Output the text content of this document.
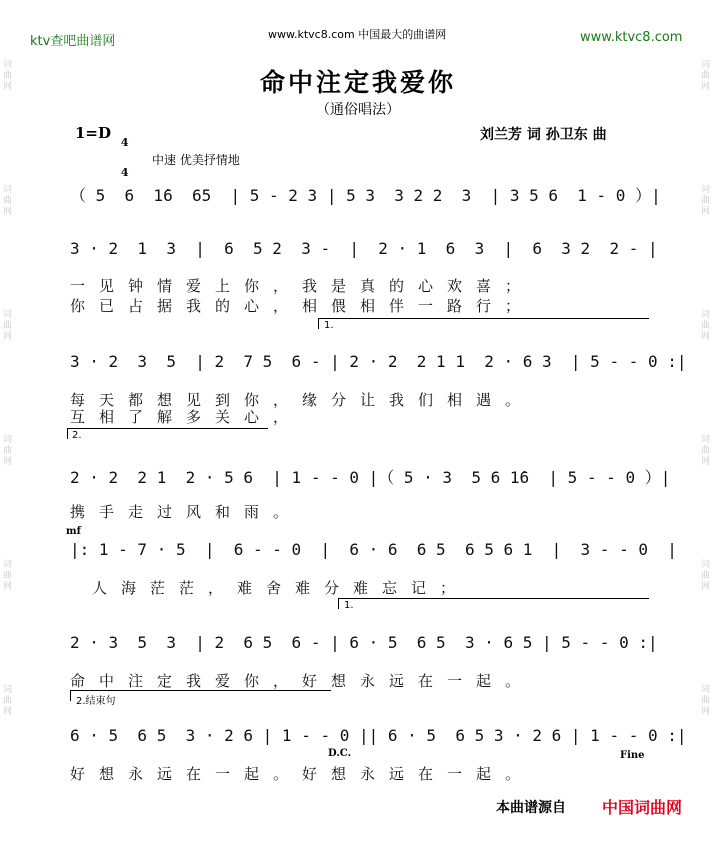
ktv查吧曲谱网	www.ktvc8.com 中国最大的曲谱网	www.ktvc8.com
词曲网
词曲网
词曲网
词曲网
词曲网
词曲网
词曲网
词曲网
词曲网
词曲网
词曲网
词曲网
命中注定我爱你
（通俗唱法）
1=D

4

4

刘兰芳 词 孙卫东 曲
中速 优美抒情地
（ 5  6  1̇6  65  | 5 - 2 3 | 5 3  3 2 2  3  | 3 5 6  1 - 0 ）|
3 · 2  1  3  |  6  5 2  3 -  |  2 · 1  6  3  |  6  3 2  2 - |
一见钟情爱上你，我是真的心欢喜；
你已占据我的心，相偎相伴一路行；
1.
3 · 2  3  5  | 2  7 5  6 - | 2 · 2  2 1 1  2 · 6 3  | 5 - - 0 :|
每天都想见到你，缘分让我们相遇。
互相了解多关心，
2.
2 · 2  2 1  2 · 5 6  | 1 - - 0 |（ 5 · 3  5 6 1̇6  | 5 - - 0 ）|
携手走过风和雨。
mf
|: 1 - 7 · 5  |  6 - - 0  |  6 · 6  6 5  6 5 6 1  |  3 - - 0  |
人海茫茫，难舍难分难忘记；
1.
2 · 3  5  3  | 2  6 5  6 - | 6 · 5  6 5  3 · 6 5 | 5 - - 0 :|
命中注定我爱你，好想永远在一起。
2.结束句
6 · 5  6 5  3 · 2 6 | 1 - - 0 || 6 · 5  6 5 3 · 2 6 | 1 - - 0 :|
D.C.	Fine
好想永远在一起。好想永远在一起。
本曲谱源自 中国词曲网
